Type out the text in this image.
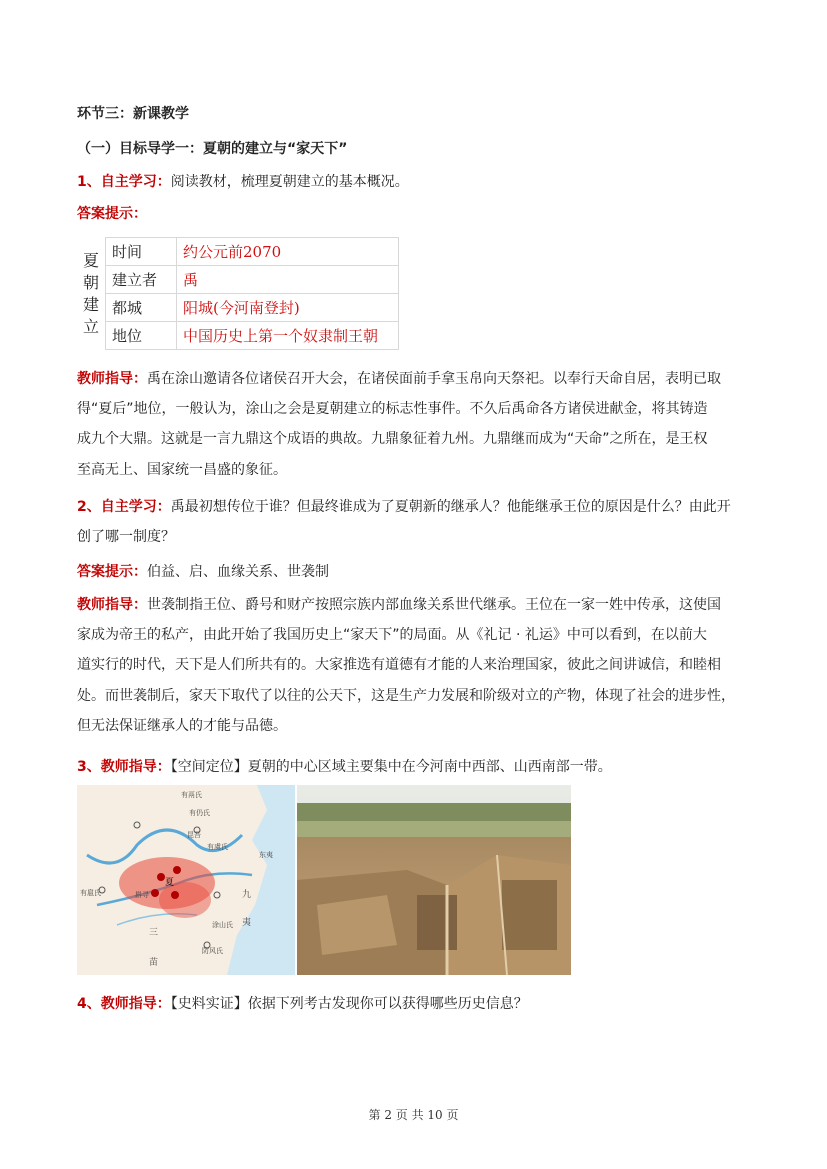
环节三：新课教学
（一）目标导学一：夏朝的建立与“家天下”
1、自主学习：阅读教材，梳理夏朝建立的基本概况。
答案提示：
夏
朝
建
立	时间	约公元前2070
	建立者	禹
	都城	阳城(今河南登封)
	地位	中国历史上第一个奴隶制王朝
教师指导：禹在涂山邀请各位诸侯召开大会，在诸侯面前手拿玉帛向天祭祀。以奉行天命自居，表明已取
得“夏后”地位，一般认为，涂山之会是夏朝建立的标志性事件。不久后禹命各方诸侯进献金，将其铸造
成九个大鼎。这就是一言九鼎这个成语的典故。九鼎象征着九州。九鼎继而成为“天命”之所在，是王权
至高无上、国家统一昌盛的象征。
2、自主学习：禹最初想传位于谁？但最终谁成为了夏朝新的继承人？他能继承王位的原因是什么？由此开
创了哪一制度？
答案提示：伯益、启、血缘关系、世袭制
教师指导：世袭制指王位、爵号和财产按照宗族内部血缘关系世代继承。王位在一家一姓中传承，这使国
家成为帝王的私产，由此开始了我国历史上“家天下”的局面。从《礼记 · 礼运》中可以看到，在以前大
道实行的时代，天下是人们所共有的。大家推选有道德有才能的人来治理国家，彼此之间讲诚信，和睦相
处。而世袭制后，家天下取代了以往的公天下，这是生产力发展和阶级对立的产物，体现了社会的进步性，
但无法保证继承人的才能与品德。
3、教师指导：【空间定位】夏朝的中心区域主要集中在今河南中西部、山西南部一带。
有扈氏
有鬲氏
昆吾
夏
九
夷
涂山氏
三
苗
防风氏
东夷
有仍氏
有虞氏
斟寻
4、教师指导：【史料实证】依据下列考古发现你可以获得哪些历史信息？
第 2 页 共 10 页
